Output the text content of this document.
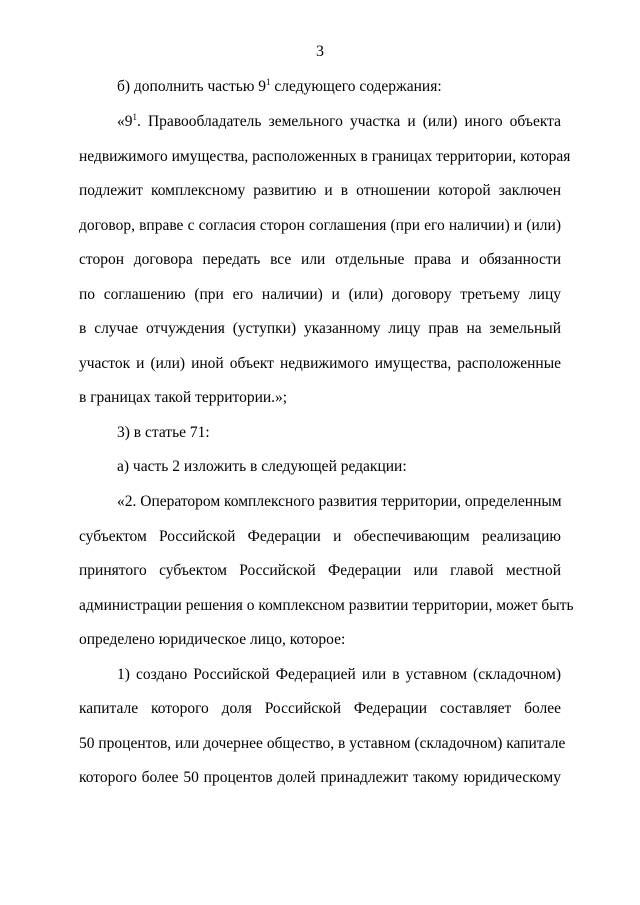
3
б) дополнить частью $9^1$ следующего содержания:
«$9^1$. Правообладатель земельного участка и (или) иного объекта
недвижимого имущества, расположенных в границах территории, которая
подлежит комплексному развитию и в отношении которой заключен
договор, вправе с согласия сторон соглашения (при его наличии) и (или)
сторон договора передать все или отдельные права и обязанности
по соглашению (при его наличии) и (или) договору третьему лицу
в случае отчуждения (уступки) указанному лицу прав на земельный
участок и (или) иной объект недвижимого имущества, расположенные
в границах такой территории.»;
3) в статье 71:
а) часть 2 изложить в следующей редакции:
«2. Оператором комплексного развития территории, определенным
субъектом Российской Федерации и обеспечивающим реализацию
принятого субъектом Российской Федерации или главой местной
администрации решения о комплексном развитии территории, может быть
определено юридическое лицо, которое:
1) создано Российской Федерацией или в уставном (складочном)
капитале которого доля Российской Федерации составляет более
50 процентов, или дочернее общество, в уставном (складочном) капитале
которого более 50 процентов долей принадлежит такому юридическому
